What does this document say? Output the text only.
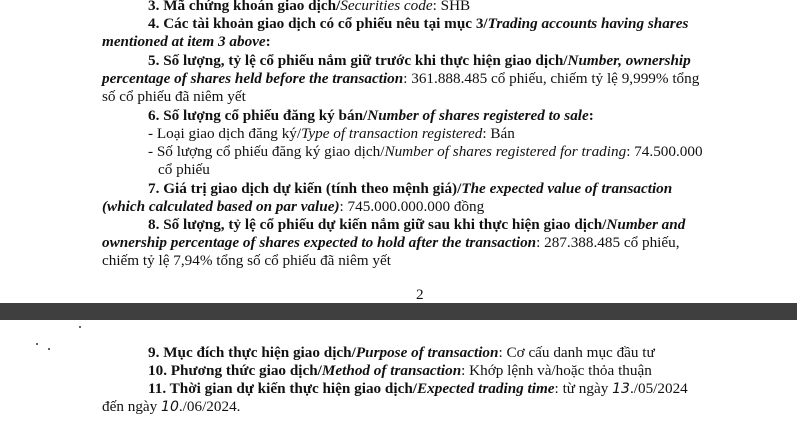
3. Mã chứng khoán giao dịch/Securities code: SHB
4. Các tài khoản giao dịch có cổ phiếu nêu tại mục 3/Trading accounts having shares
mentioned at item 3 above:
5. Số lượng, tỷ lệ cổ phiếu nắm giữ trước khi thực hiện giao dịch/Number, ownership
percentage of shares held before the transaction: 361.888.485 cổ phiếu, chiếm tỷ lệ 9,999% tổng
số cổ phiếu đã niêm yết
6. Số lượng cổ phiếu đăng ký bán/Number of shares registered to sale:
- Loại giao dịch đăng ký/Type of transaction registered: Bán
- Số lượng cổ phiếu đăng ký giao dịch/Number of shares registered for trading: 74.500.000
cổ phiếu
7. Giá trị giao dịch dự kiến (tính theo mệnh giá)/The expected value of transaction
(which calculated based on par value): 745.000.000.000 đồng
8. Số lượng, tỷ lệ cổ phiếu dự kiến nắm giữ sau khi thực hiện giao dịch/Number and
ownership percentage of shares expected to hold after the transaction: 287.388.485 cổ phiếu,
chiếm tỷ lệ 7,94% tổng số cổ phiếu đã niêm yết
2
9. Mục đích thực hiện giao dịch/Purpose of transaction: Cơ cấu danh mục đầu tư
10. Phương thức giao dịch/Method of transaction: Khớp lệnh và/hoặc thỏa thuận
11. Thời gian dự kiến thực hiện giao dịch/Expected trading time: từ ngày 13./05/2024
đến ngày 10./06/2024.
